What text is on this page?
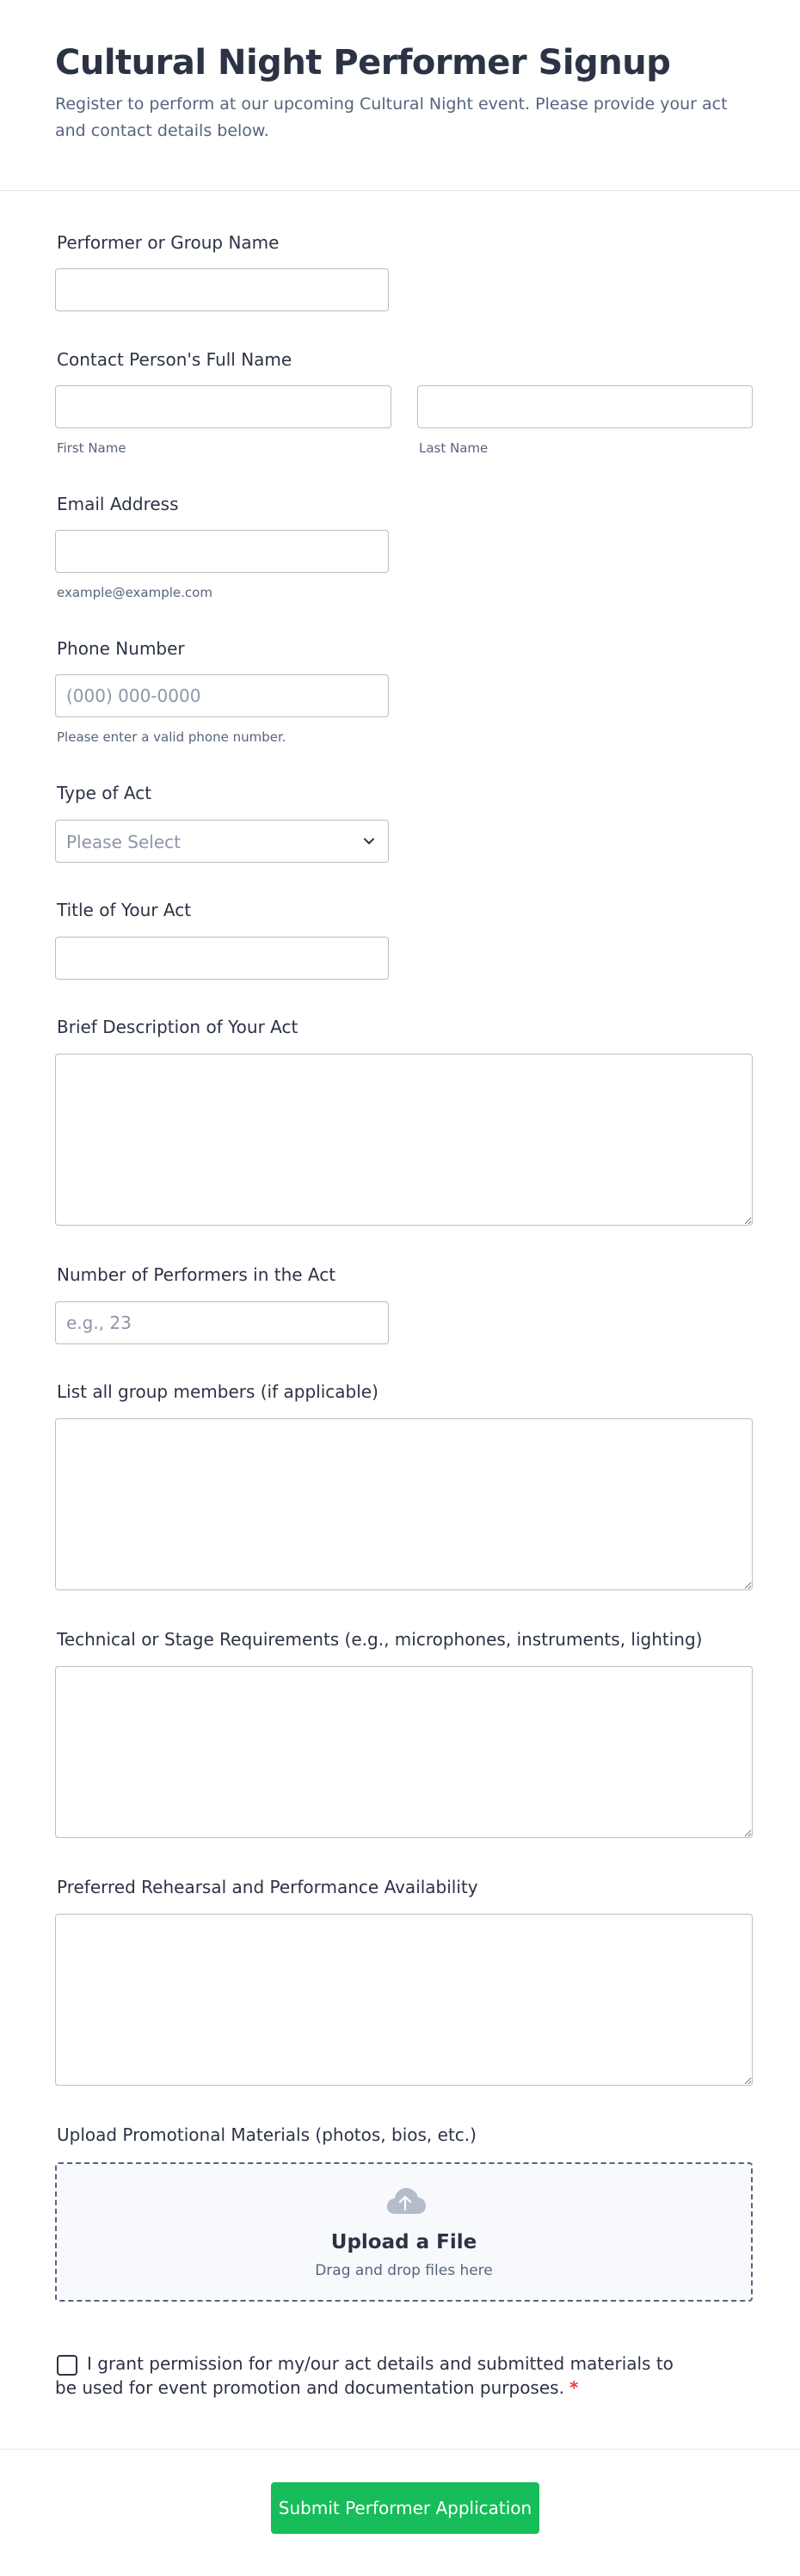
Cultural Night Performer Signup
Register to perform at our upcoming Cultural Night event. Please provide your act and contact details below.
Performer or Group Name
Contact Person's Full Name
First Name	Last Name
Email Address
example@example.com
Phone Number
(000) 000-0000
Please enter a valid phone number.
Type of Act
Please Select
Title of Your Act
Brief Description of Your Act
Number of Performers in the Act
e.g., 23
List all group members (if applicable)
Technical or Stage Requirements (e.g., microphones, instruments, lighting)
Preferred Rehearsal and Performance Availability
Upload Promotional Materials (photos, bios, etc.)
Upload a File
Drag and drop files here
I grant permission for my/our act details and submitted materials to be used for event promotion and documentation purposes. *
Submit Performer Application
